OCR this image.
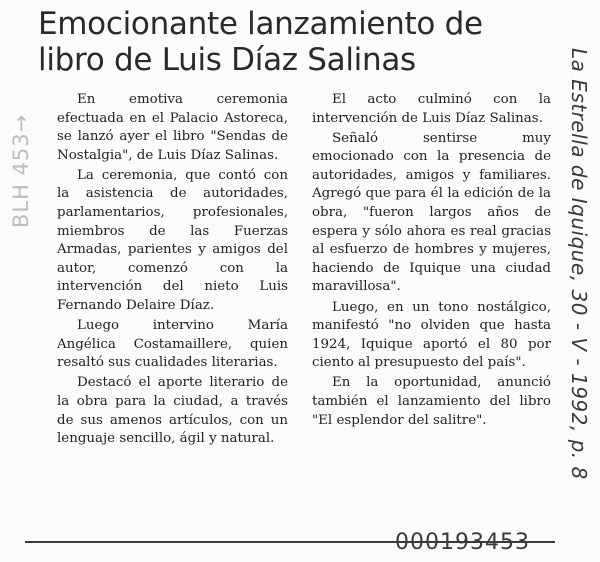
Emocionante lanzamiento de
libro de Luis Díaz Salinas

En emotiva ceremonia efectuada en el Palacio Astoreca, se lanzó ayer el libro "Sendas de Nostalgia", de Luis Díaz Salinas.

La ceremonia, que contó con la asistencia de autoridades, parlamentarios, profesionales, miembros de las Fuerzas Armadas, parientes y amigos del autor, comenzó con la intervención del nieto Luis Fernando Delaire Díaz.

Luego intervino María Angélica Costamaillere, quien resaltó sus cualidades literarias.

Destacó el aporte literario de la obra para la ciudad, a través de sus amenos artículos, con un lenguaje sencillo, ágil y natural.

El acto culminó con la intervención de Luis Díaz Salinas.

Señaló sentirse muy emocionado con la presencia de autoridades, amigos y familiares. Agregó que para él la edición de la obra, "fueron largos años de espera y sólo ahora es real gracias al esfuerzo de hombres y mujeres, haciendo de Iquique una ciudad maravillosa".

Luego, en un tono nostálgico, manifestó "no olviden que hasta 1924, Iquique aportó el 80 por ciento al presupuesto del país".

En la oportunidad, anunció también el lanzamiento del libro "El esplendor del salitre".

BLH 453→	La Estrella de Iquique, 30 - V - 1992, p. 8
000193453
